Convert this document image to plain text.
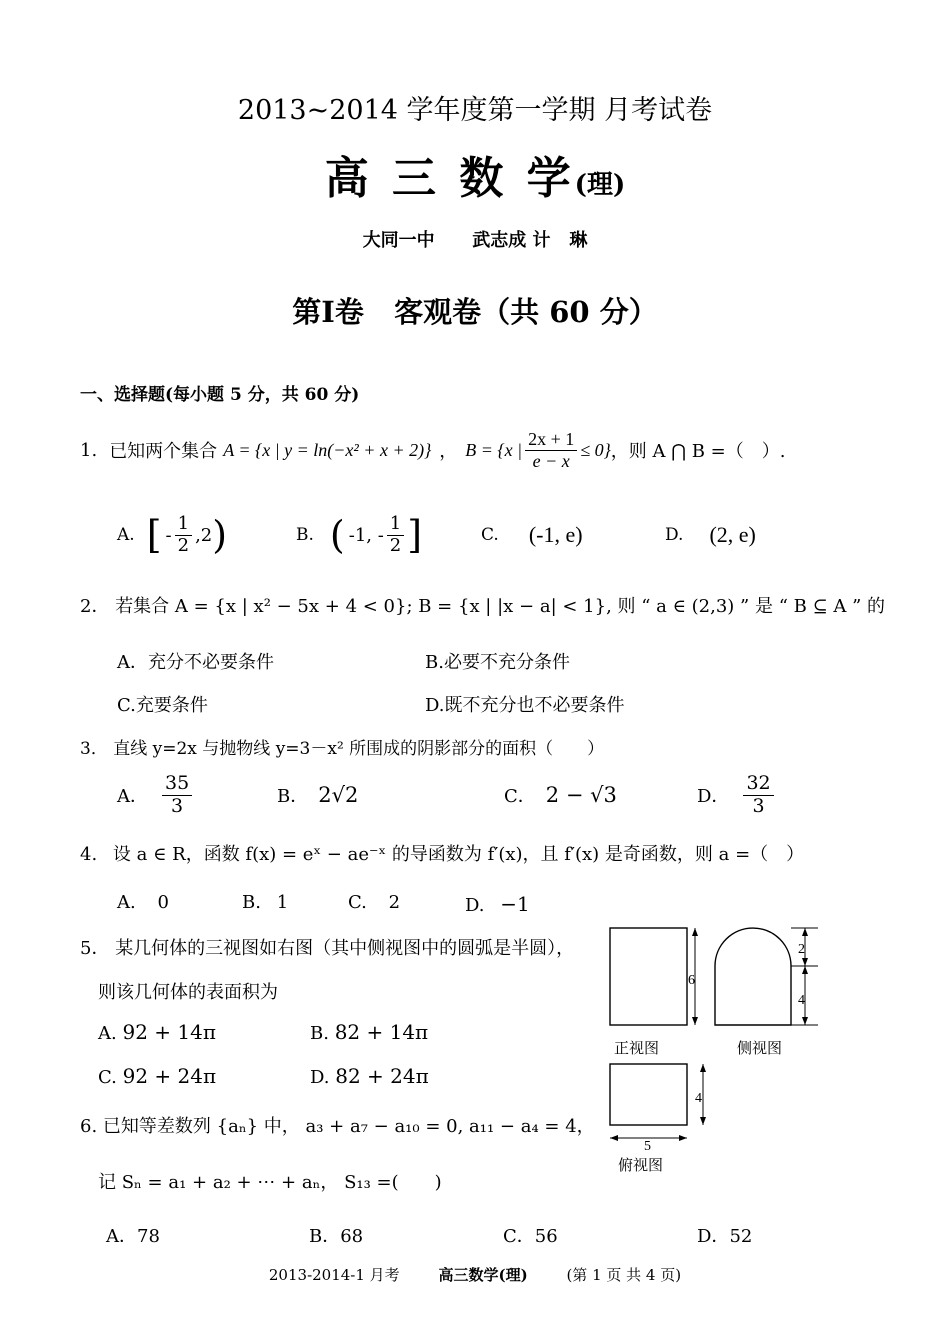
2013~2014 学年度第一学期 月考试卷
高 三 数 学(理)
大同一中      武志成 计   琳
第Ⅰ卷   客观卷（共 60 分）
一、选择题(每小题 5 分，共 60 分)
1. 已知两个集合 A = {x | y = ln(−x² + x + 2)} ， B = {x | $\frac{2x + 1}{e - x} \le 0$} ，则 A ⋂ B =（　）.
A. [ - $\frac{1}{2} ,2$ )	B. ( -1, - $\frac{1}{2}$ ]	C. (-1, e)	D. (2, e)
2． 若集合 A = {x | x² − 5x + 4 < 0}; B = {x | |x − a| < 1}, 则 “ a ∈ (2,3) ” 是 “ B ⊆ A ” 的
A．充分不必要条件	B.必要不充分条件
C.充要条件	D.既不充分也不必要条件
3． 直线 y=2x 与抛物线 y=3－x² 所围成的阴影部分的面积（　　）
A． $\frac{35}{3}$	B． 2√2	C． 2 − √3	D． $\frac{32}{3}$
4. 设 a ∈ R，函数 f(x) = eˣ − ae⁻ˣ 的导函数为 f′(x)，且 f′(x) 是奇函数，则 a =（　）
A. 0	B. 1	C. 2	D. −1
5． 某几何体的三视图如右图（其中侧视图中的圆弧是半圆），
则该几何体的表面积为
A. 92 + 14π	B. 82 + 14π
C. 92 + 24π	D. 82 + 24π
6
2
4
正视图	侧视图
4
5
俯视图
6. 已知等差数列 {aₙ} 中， a₃ + a₇ − a₁₀ = 0, a₁₁ − a₄ = 4，
记 Sₙ = a₁ + a₂ + ⋯ + aₙ， S₁₃ =(　　)
A．78	B．68	C．56	D．52
2013-2014-1 月考	高三数学(理)	(第 1 页 共 4 页)
